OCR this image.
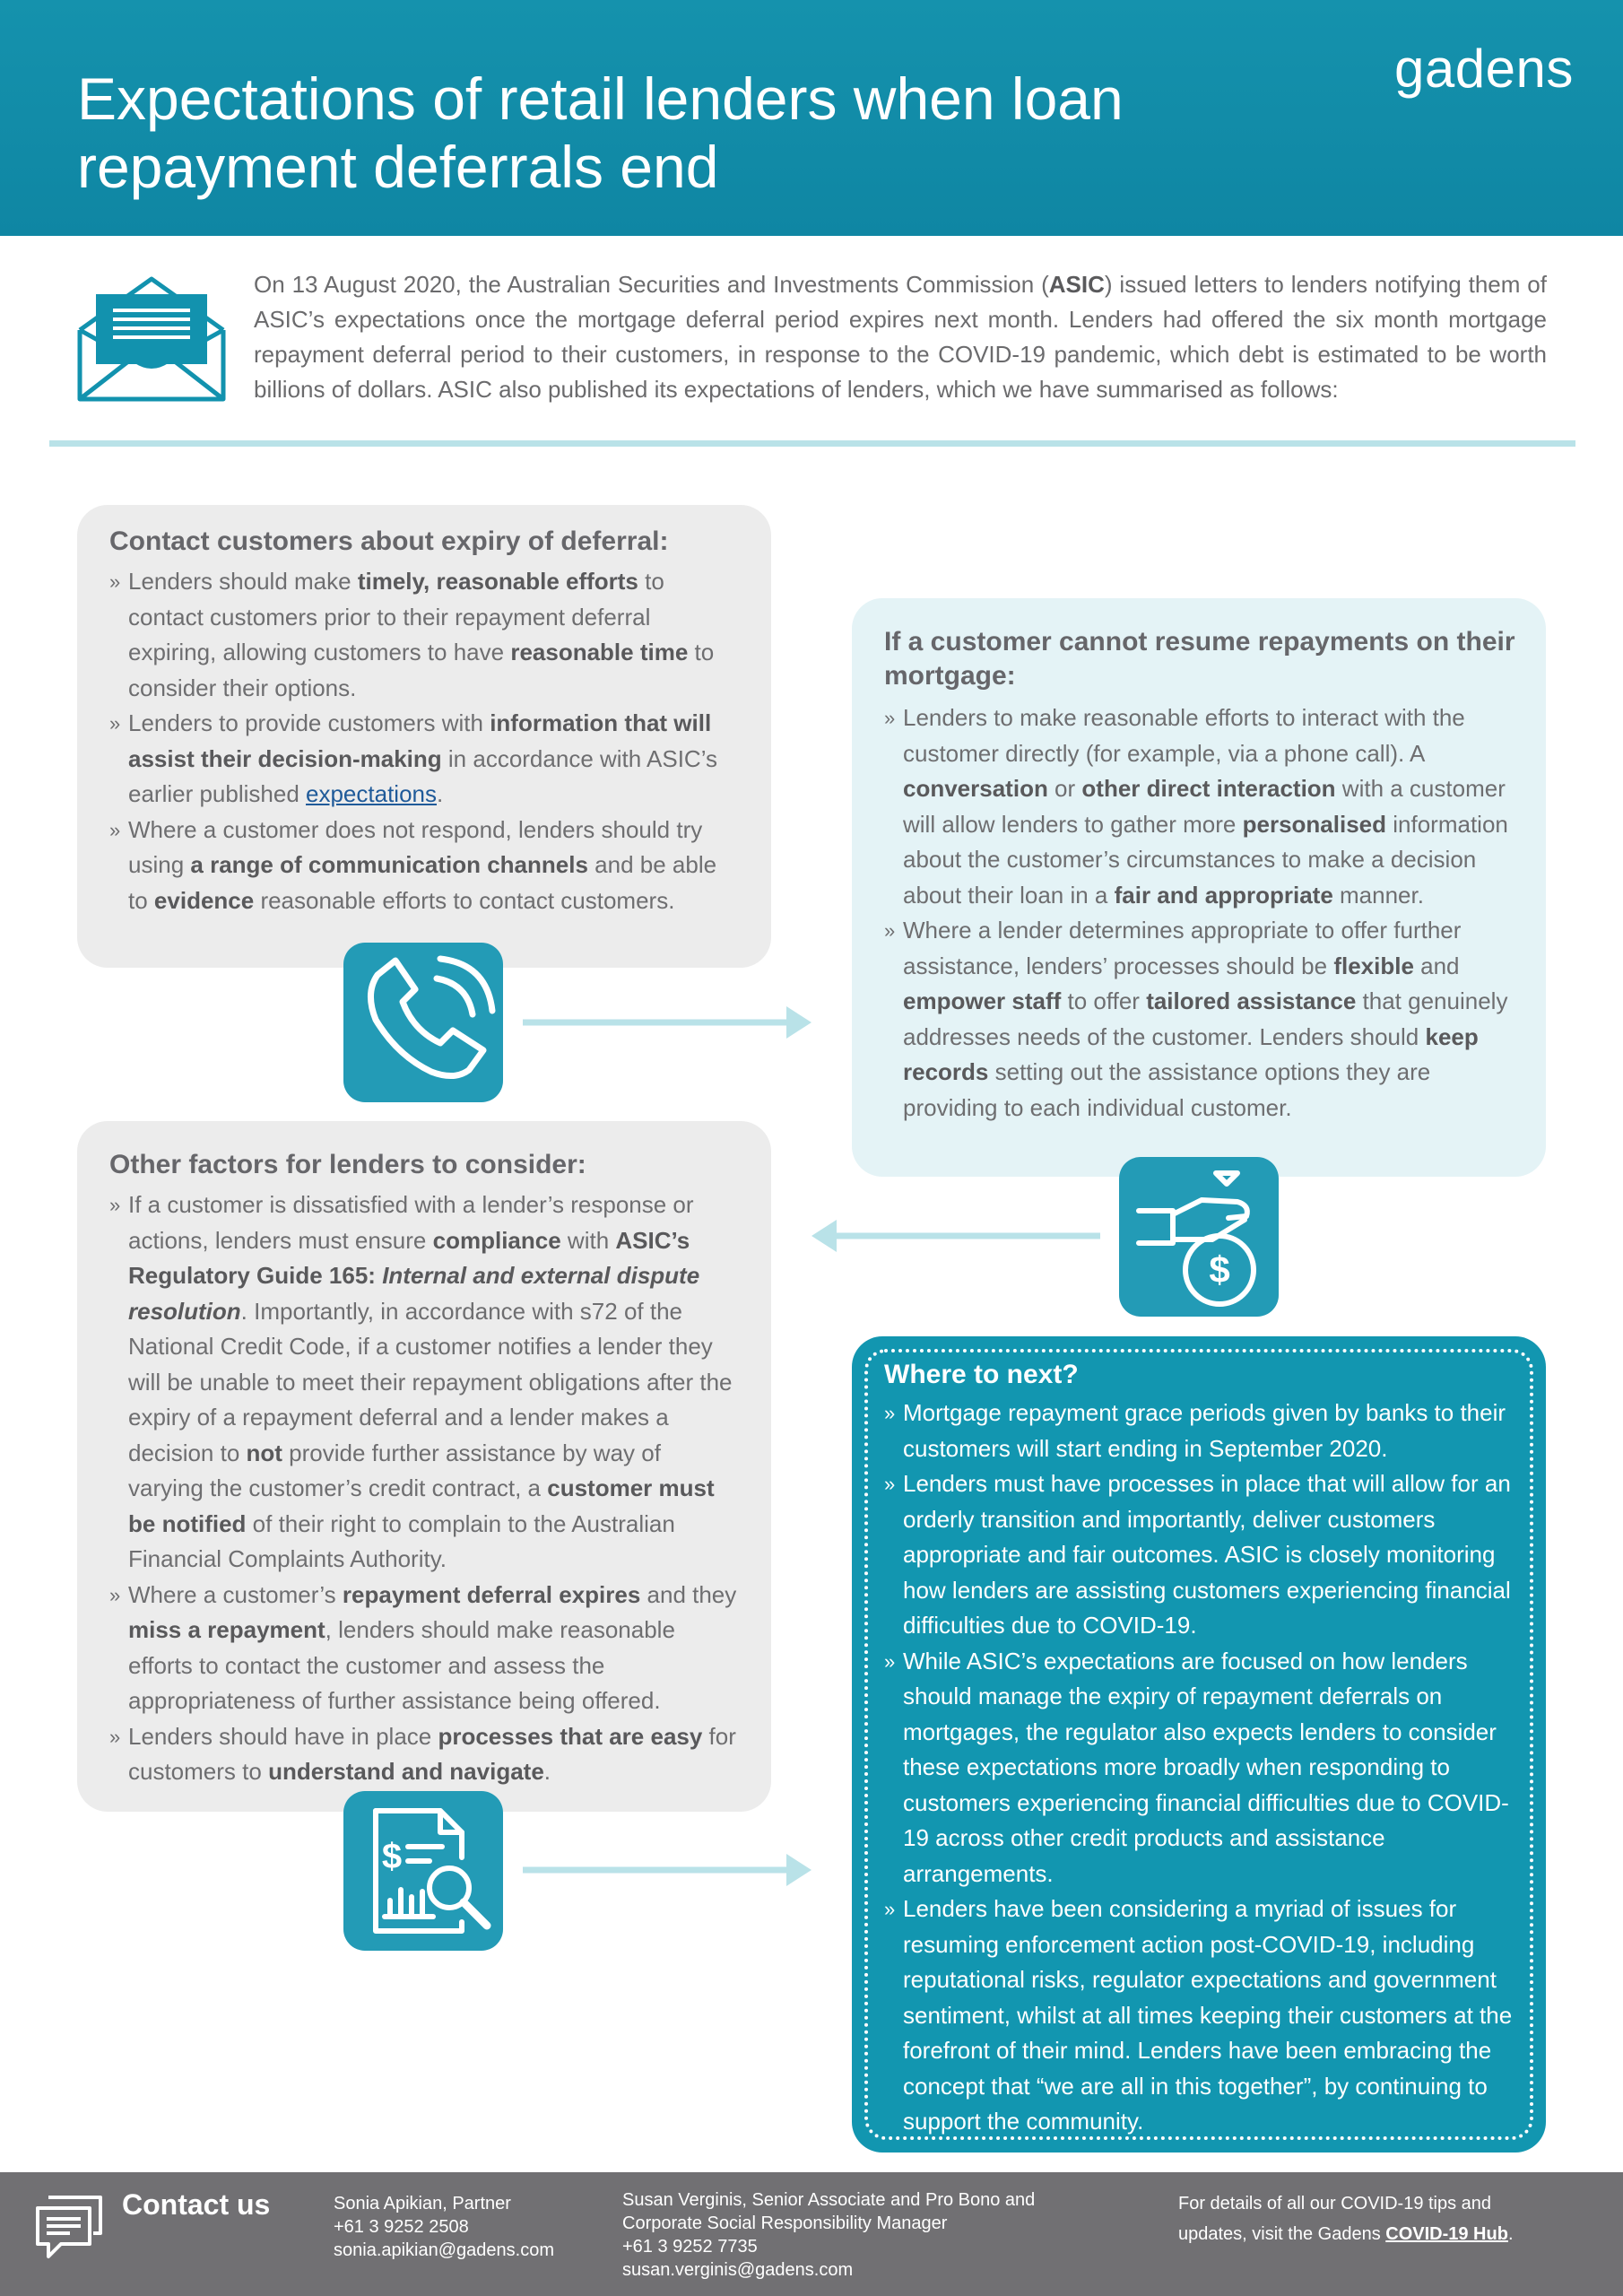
Expectations of retail lenders when loan repayment deferrals end
gadens

On 13 August 2020, the Australian Securities and Investments Commission (ASIC) issued letters to lenders notifying them of ASIC’s expectations once the mortgage deferral period expires next month. Lenders had offered the six month mortgage repayment deferral period to their customers, in response to the COVID-19 pandemic, which debt is estimated to be worth billions of dollars. ASIC also published its expectations of lenders, which we have summarised as follows:

Contact customers about expiry of deferral:
» Lenders should make timely, reasonable efforts to contact customers prior to their repayment deferral expiring, allowing customers to have reasonable time to consider their options.
» Lenders to provide customers with information that will assist their decision-making in accordance with ASIC’s earlier published expectations.
» Where a customer does not respond, lenders should try using a range of communication channels and be able to evidence reasonable efforts to contact customers.
If a customer cannot resume repayments on their mortgage:
» Lenders to make reasonable efforts to interact with the customer directly (for example, via a phone call). A conversation or other direct interaction with a customer will allow lenders to gather more personalised information about the customer’s circumstances to make a decision about their loan in a fair and appropriate manner.
» Where a lender determines appropriate to offer further assistance, lenders’ processes should be flexible and empower staff to offer tailored assistance that genuinely addresses needs of the customer. Lenders should keep records setting out the assistance options they are providing to each individual customer.
$
Other factors for lenders to consider:
» If a customer is dissatisfied with a lender’s response or actions, lenders must ensure compliance with ASIC’s Regulatory Guide 165: Internal and external dispute resolution. Importantly, in accordance with s72 of the National Credit Code, if a customer notifies a lender they will be unable to meet their repayment obligations after the expiry of a repayment deferral and a lender makes a decision to not provide further assistance by way of varying the customer’s credit contract, a customer must be notified of their right to complain to the Australian Financial Complaints Authority.
» Where a customer’s repayment deferral expires and they miss a repayment, lenders should make reasonable efforts to contact the customer and assess the appropriateness of further assistance being offered.
» Lenders should have in place processes that are easy for customers to understand and navigate.
$
Where to next?
» Mortgage repayment grace periods given by banks to their customers will start ending in September 2020.
» Lenders must have processes in place that will allow for an orderly transition and importantly, deliver customers appropriate and fair outcomes. ASIC is closely monitoring how lenders are assisting customers experiencing financial difficulties due to COVID-19.
» While ASIC’s expectations are focused on how lenders should manage the expiry of repayment deferrals on mortgages, the regulator also expects lenders to consider these expectations more broadly when responding to customers experiencing financial difficulties due to COVID-19 across other credit products and assistance arrangements.
» Lenders have been considering a myriad of issues for resuming enforcement action post-COVID-19, including reputational risks, regulator expectations and government sentiment, whilst at all times keeping their customers at the forefront of their mind. Lenders have been embracing the concept that “we are all in this together”, by continuing to support the community.
Contact us	Sonia Apikian, Partner
+61 3 9252 2508
sonia.apikian@gadens.com
Susan Verginis, Senior Associate and Pro Bono and
Corporate Social Responsibility Manager
+61 3 9252 7735
susan.verginis@gadens.com
For details of all our COVID-19 tips and
updates, visit the Gadens COVID-19 Hub.
